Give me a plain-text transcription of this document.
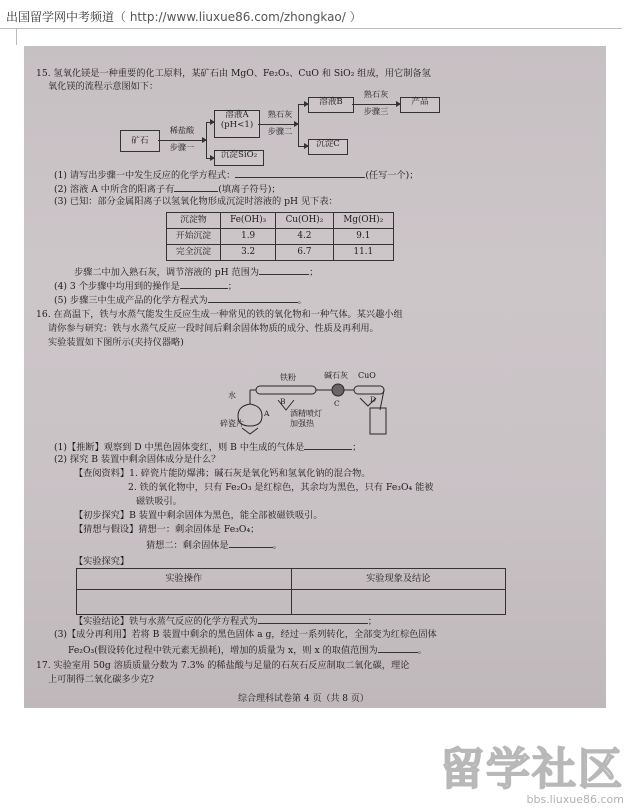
出国留学网中考频道（ http://www.liuxue86.com/zhongkao/ ）
15. 氢氧化镁是一种重要的化工原料，某矿石由 MgO、Fe₂O₃、CuO 和 SiO₂ 组成，用它制备氢
氧化镁的流程示意图如下：
矿石
稀盐酸
步骤一
溶液A
(pH<1)
沉淀SiO₂
熟石灰
步骤二
溶液B
沉淀C
熟石灰
步骤三
产品
(1) 请写出步骤一中发生反应的化学方程式：	(任写一个)；
(2) 溶液 A 中所含的阳离子有	(填离子符号)；
(3) 已知：部分金属阳离子以氢氧化物形成沉淀时溶液的 pH 见下表：
沉淀物	Fe(OH)₃	Cu(OH)₂	Mg(OH)₂
开始沉淀	1.9	4.2	9.1
完全沉淀	3.2	6.7	11.1
步骤二中加入熟石灰，调节溶液的 pH 范围为	；
(4) 3 个步骤中均用到的操作是	；
(5) 步骤三中生成产品的化学方程式为	。
16. 在高温下，铁与水蒸气能发生反应生成一种常见的铁的氧化物和一种气体。某兴趣小组
请你参与研究：铁与水蒸气反应一段时间后剩余固体物质的成分、性质及再利用。
实验装置如下图所示(夹持仪器略)
铁粉	碱石灰 CuO
水
B
A
C	D
碎瓷片
酒精喷灯
加强热
(1)【推断】观察到 D 中黑色固体变红，则 B 中生成的气体是	；
(2) 探究 B 装置中剩余固体成分是什么？
【查阅资料】1. 碎瓷片能防爆沸；碱石灰是氧化钙和氢氧化钠的混合物。
2. 铁的氧化物中，只有 Fe₂O₃ 是红棕色，其余均为黑色，只有 Fe₃O₄ 能被
磁铁吸引。
【初步探究】B 装置中剩余固体为黑色，能全部被磁铁吸引。
【猜想与假设】猜想一：剩余固体是 Fe₃O₄；
猜想二：剩余固体是	。
【实验探究】
实验操作	实验现象及结论

【实验结论】铁与水蒸气反应的化学方程式为	；
(3)【成分再利用】若将 B 装置中剩余的黑色固体 a g，经过一系列转化，全部变为红棕色固体
Fe₂O₃(假设转化过程中铁元素无损耗)，增加的质量为 x，则 x 的取值范围为	。
17. 实验室用 50g 溶质质量分数为 7.3% 的稀盐酸与足量的石灰石反应制取二氧化碳，理论
上可制得二氧化碳多少克?
综合理科试卷第 4 页（共 8 页）
留学社区
bbs.liuxue86.com
